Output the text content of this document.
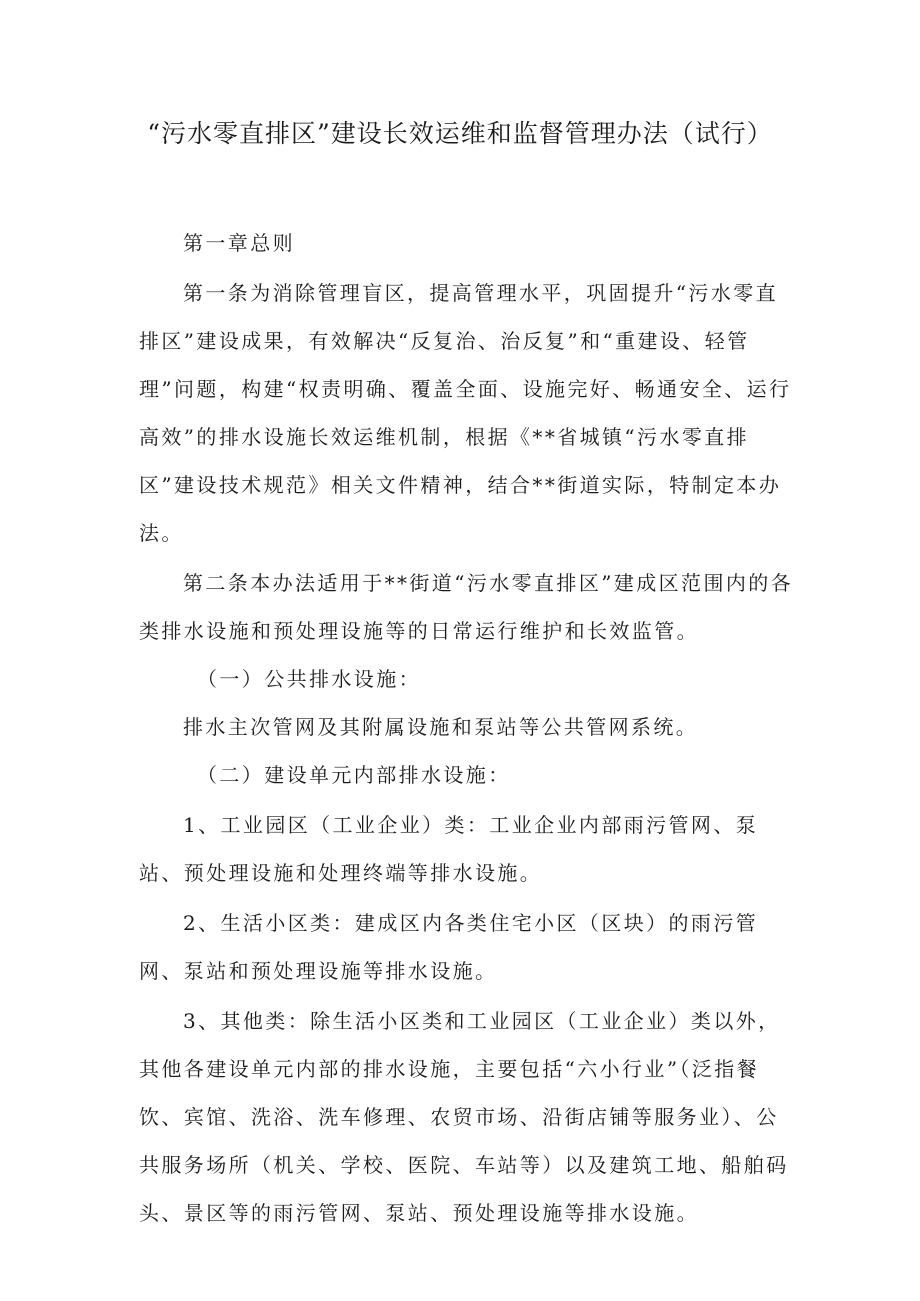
“污水零直排区”建设长效运维和监督管理办法（试行）

第一章总则

第一条为消除管理盲区，提高管理水平，巩固提升“污水零直排区”建设成果，有效解决“反复治、治反复”和“重建设、轻管理”问题，构建“权责明确、覆盖全面、设施完好、畅通安全、运行高效”的排水设施长效运维机制，根据《**省城镇“污水零直排区”建设技术规范》相关文件精神，结合**街道实际，特制定本办法。

第二条本办法适用于**街道“污水零直排区”建成区范围内的各类排水设施和预处理设施等的日常运行维护和长效监管。

（一）公共排水设施：

排水主次管网及其附属设施和泵站等公共管网系统。

（二）建设单元内部排水设施：

1、工业园区（工业企业）类：工业企业内部雨污管网、泵站、预处理设施和处理终端等排水设施。

2、生活小区类：建成区内各类住宅小区（区块）的雨污管网、泵站和预处理设施等排水设施。

3、其他类：除生活小区类和工业园区（工业企业）类以外，其他各建设单元内部的排水设施，主要包括“六小行业”（泛指餐饮、宾馆、洗浴、洗车修理、农贸市场、沿街店铺等服务业）、公共服务场所（机关、学校、医院、车站等）以及建筑工地、船舶码头、景区等的雨污管网、泵站、预处理设施等排水设施。
